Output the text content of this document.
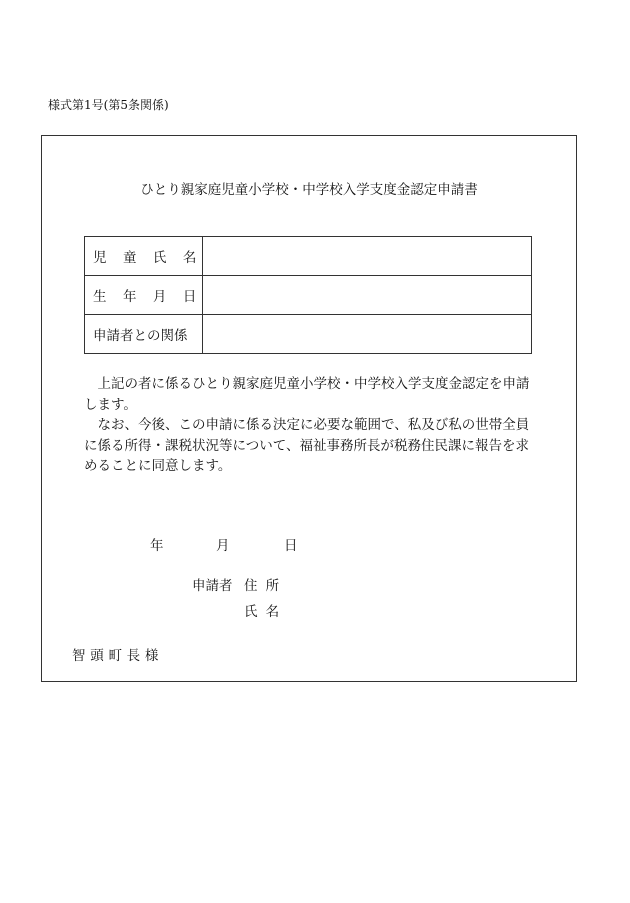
様式第1号(第5条関係)
ひとり親家庭児童小学校・中学校入学支度金認定申請書
児 童 氏 名	
生 年 月 日	
申請者との関係	

上記の者に係るひとり親家庭児童小学校・中学校入学支度金認定を申請します。

なお、今後、この申請に係る決定に必要な範囲で、私及び私の世帯全員に係る所得・課税状況等について、福祉事務所長が税務住民課に報告を求めることに同意します。

年	月	日
申請者 住所
氏名
智頭町長様
